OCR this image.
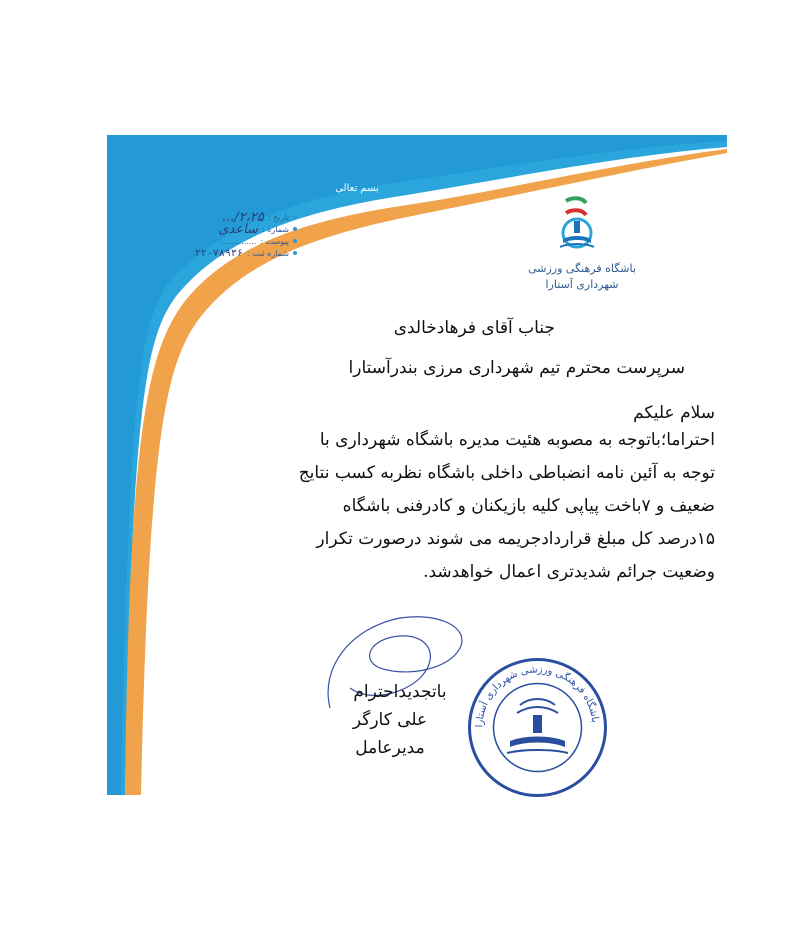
بسم تعالی
تاریخ :
۲،۲۵/...
شماره :
ساعدی
پیوست :
..............
شماره ثبت :
۲۲۰۷۸۹۳۶
باشگاه فرهنگی ورزشی
شهرداری آستارا
جناب آقای فرهادخالدی
سرپرست محترم تیم شهرداری مرزی بندرآستارا
سلام علیکم
احتراما؛باتوجه به مصوبه هئیت مدیره باشگاه شهرداری با
توجه به آئین نامه انضباطی داخلی باشگاه نظربه کسب نتایج
ضعیف و ۷باخت پیاپی کلیه بازیکنان و کادرفنی باشگاه
۱۵درصد کل مبلغ قراردادجریمه می شوند درصورت تکرار
وضعیت جرائم شدیدتری اعمال خواهدشد.
باتجدیداحترام
علی کارگر
مدیرعامل
باشگاه فرهنگی ورزشی شهرداری آستارا
